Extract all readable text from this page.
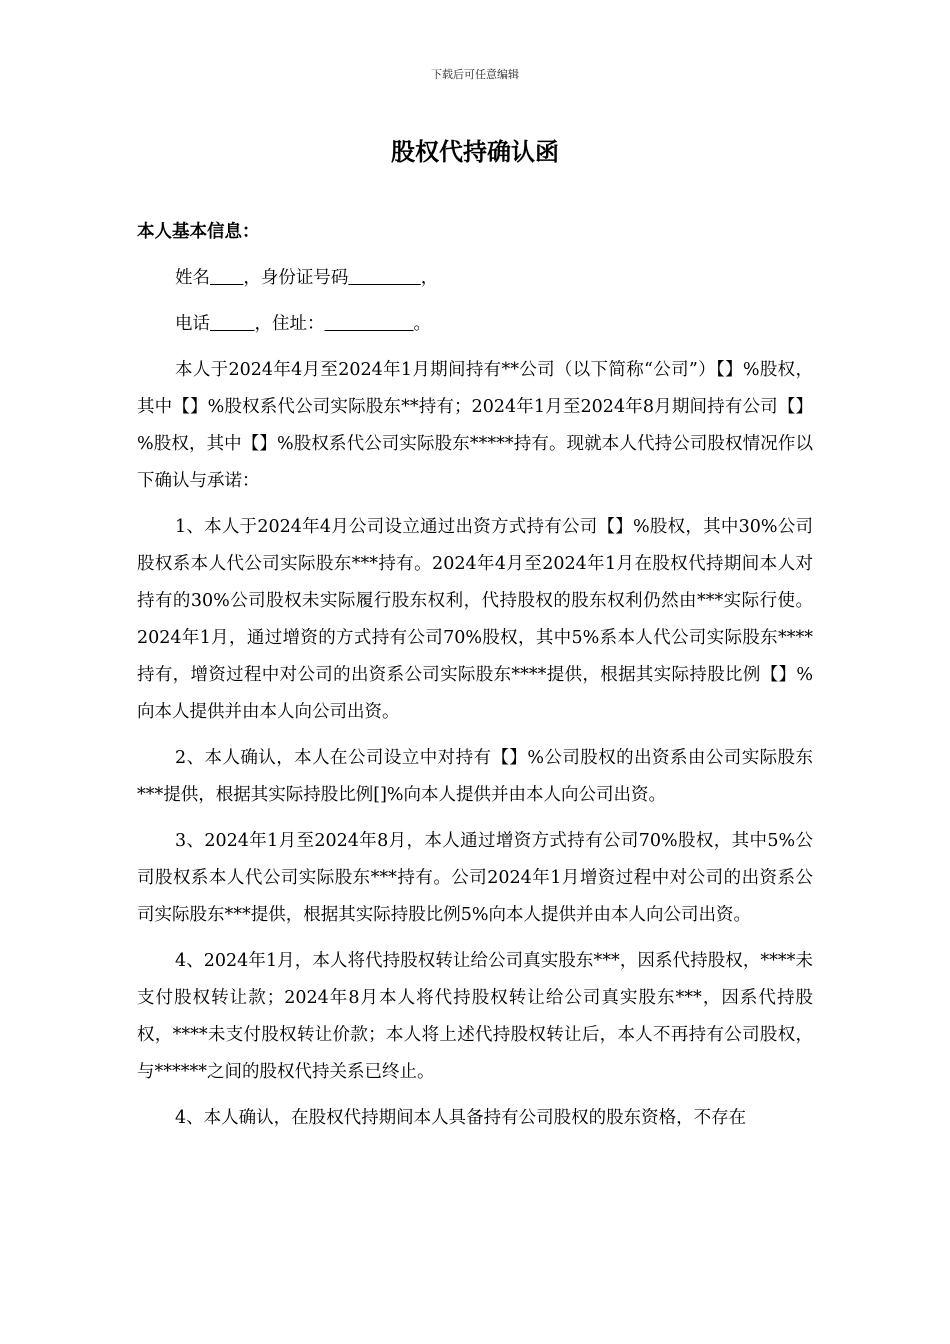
下载后可任意编辑
股权代持确认函

本人基本信息：

姓名 ，身份证号码	，

电话	，住址：	。

本人于2024年4月至2024年1月期间持有**公司（以下简称“公司”）【】%股权，其中【】%股权系代公司实际股东**持有；2024年1月至2024年8月期间持有公司【】%股权，其中【】%股权系代公司实际股东*****持有。现就本人代持公司股权情况作以下确认与承诺：

1、本人于2024年4月公司设立通过出资方式持有公司【】%股权，其中30%公司股权系本人代公司实际股东***持有。2024年4月至2024年1月在股权代持期间本人对持有的30%公司股权未实际履行股东权利，代持股权的股东权利仍然由***实际行使。2024年1月，通过增资的方式持有公司70%股权，其中5%系本人代公司实际股东****持有，增资过程中对公司的出资系公司实际股东****提供，根据其实际持股比例【】%向本人提供并由本人向公司出资。

2、本人确认，本人在公司设立中对持有【】%公司股权的出资系由公司实际股东***提供，根据其实际持股比例[]%向本人提供并由本人向公司出资。

3、2024年1月至2024年8月，本人通过增资方式持有公司70%股权，其中5%公司股权系本人代公司实际股东***持有。公司2024年1月增资过程中对公司的出资系公司实际股东***提供，根据其实际持股比例5%向本人提供并由本人向公司出资。

4、2024年1月，本人将代持股权转让给公司真实股东***，因系代持股权，****未支付股权转让款；2024年8月本人将代持股权转让给公司真实股东***，因系代持股权，****未支付股权转让价款；本人将上述代持股权转让后，本人不再持有公司股权，与******之间的股权代持关系已终止。

4、本人确认，在股权代持期间本人具备持有公司股权的股东资格，不存在
